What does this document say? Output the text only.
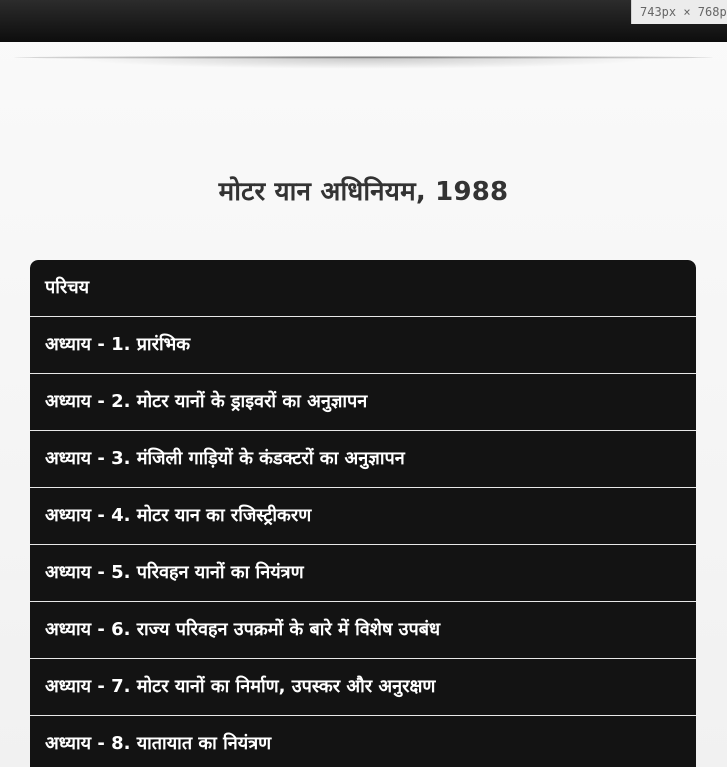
743px × 768p
मोटर यान अधिनियम, 1988
परिचय
अध्याय - 1. प्रारंभिक
अध्याय - 2. मोटर यानों के ड्राइवरों का अनुज्ञापन
अध्याय - 3. मंजिली गाड़ियों के कंडक्टरों का अनुज्ञापन
अध्याय - 4. मोटर यान का रजिस्ट्रीकरण
अध्याय - 5. परिवहन यानों का नियंत्रण
अध्याय - 6. राज्य परिवहन उपक्रमों के बारे में विशेष उपबंध
अध्याय - 7. मोटर यानों का निर्माण, उपस्कर और अनुरक्षण
अध्याय - 8. यातायात का नियंत्रण
